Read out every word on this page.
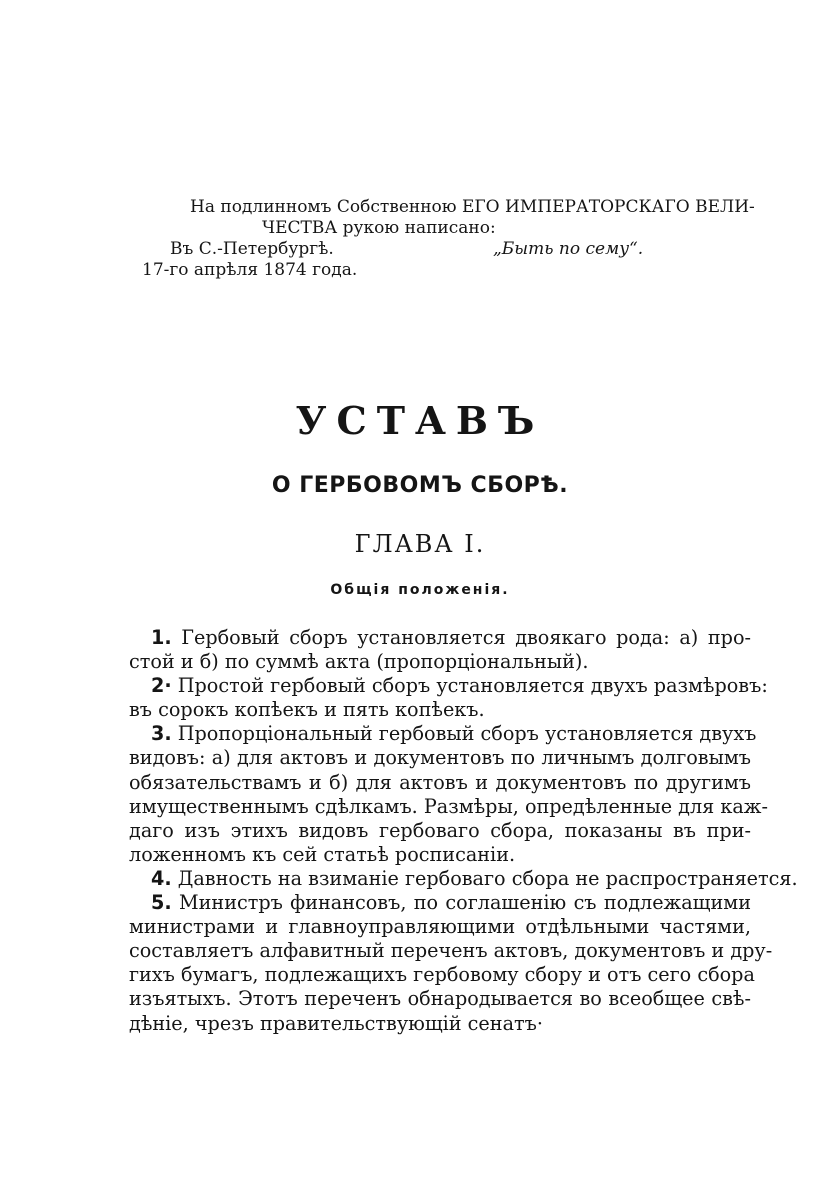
На подлинномъ Собственною ЕГО ИМПЕРАТОРСКАГО ВЕЛИ-
ЧЕСТВА рукою написано:
Въ С.-Петербургѣ.	„Быть по сему“.
17-го апрѣля 1874 года.
УСТАВЪ
О ГЕРБОВОМЪ СБОРѢ.
ГЛАВА I.
Общія положенія.
1. Гербовый сборъ установляется двоякаго рода: а) про-
стой и б) по суммѣ акта (пропорціональный).
2· Простой гербовый сборъ установляется двухъ размѣровъ:
въ сорокъ копѣекъ и пять копѣекъ.
3. Пропорціональный гербовый сборъ установляется двухъ
видовъ: а) для актовъ и документовъ по личнымъ долговымъ
обязательствамъ и б) для актовъ и документовъ по другимъ
имущественнымъ сдѣлкамъ. Размѣры, опредѣленные для каж-
даго изъ этихъ видовъ гербоваго сбора, показаны въ при-
ложенномъ къ сей статьѣ росписаніи.
4. Давность на взиманіе гербоваго сбора не распространяется.
5. Министръ финансовъ, по соглашенію съ подлежащими
министрами и главноуправляющими отдѣльными частями,
составляетъ алфавитный переченъ актовъ, документовъ и дру-
гихъ бумагъ, подлежащихъ гербовому сбору и отъ сего сбора
изъятыхъ. Этотъ переченъ обнародывается во всеобщее свѣ-
дѣніе, чрезъ правительствующій сенатъ·
